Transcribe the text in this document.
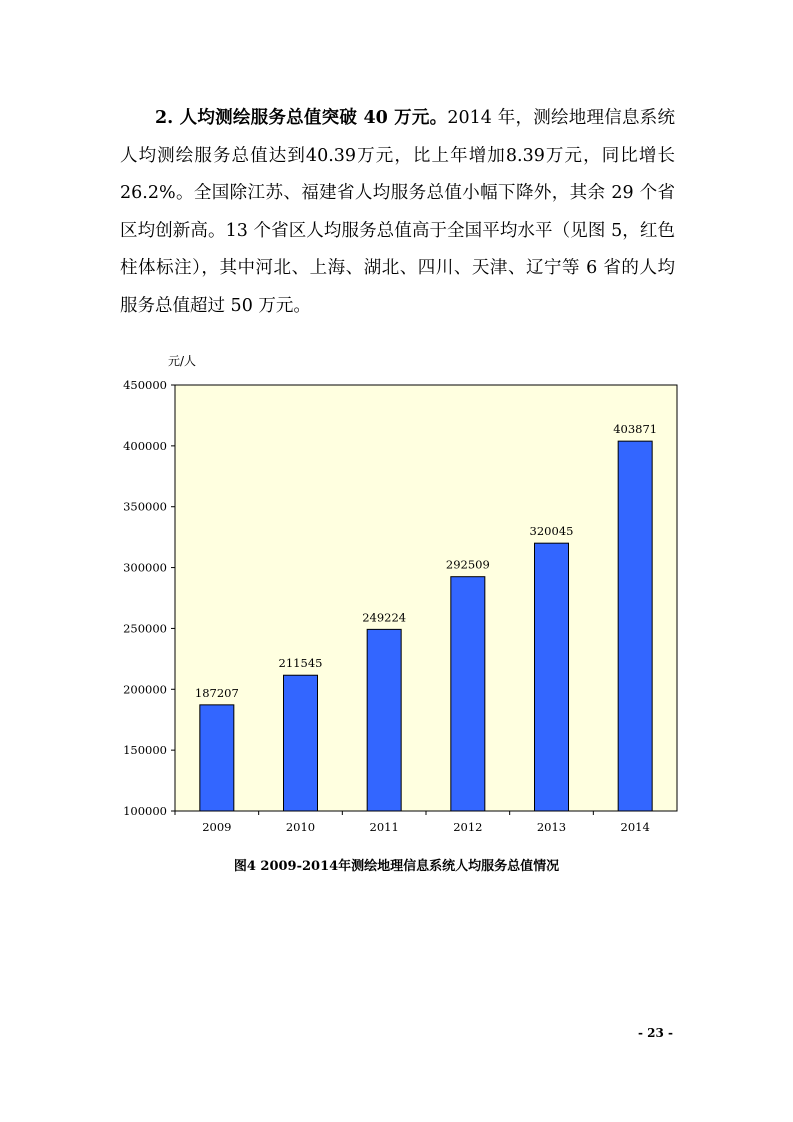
2. 人均测绘服务总值突破 40 万元。2014 年，测绘地理信息系统人均测绘服务总值达到40.39万元，比上年增加8.39万元，同比增长 26.2%。全国除江苏、福建省人均服务总值小幅下降外，其余 29 个省区均创新高。13 个省区人均服务总值高于全国平均水平（见图 5，红色柱体标注），其中河北、上海、湖北、四川、天津、辽宁等 6 省的人均服务总值超过 50 万元。

元/人
100000
150000
200000
250000
300000
350000
400000
450000
187207
211545
249224
292509
320045
403871
2009	2010	2011	2012	2013	2014
图4 2009-2014年测绘地理信息系统人均服务总值情况
- 23 -
